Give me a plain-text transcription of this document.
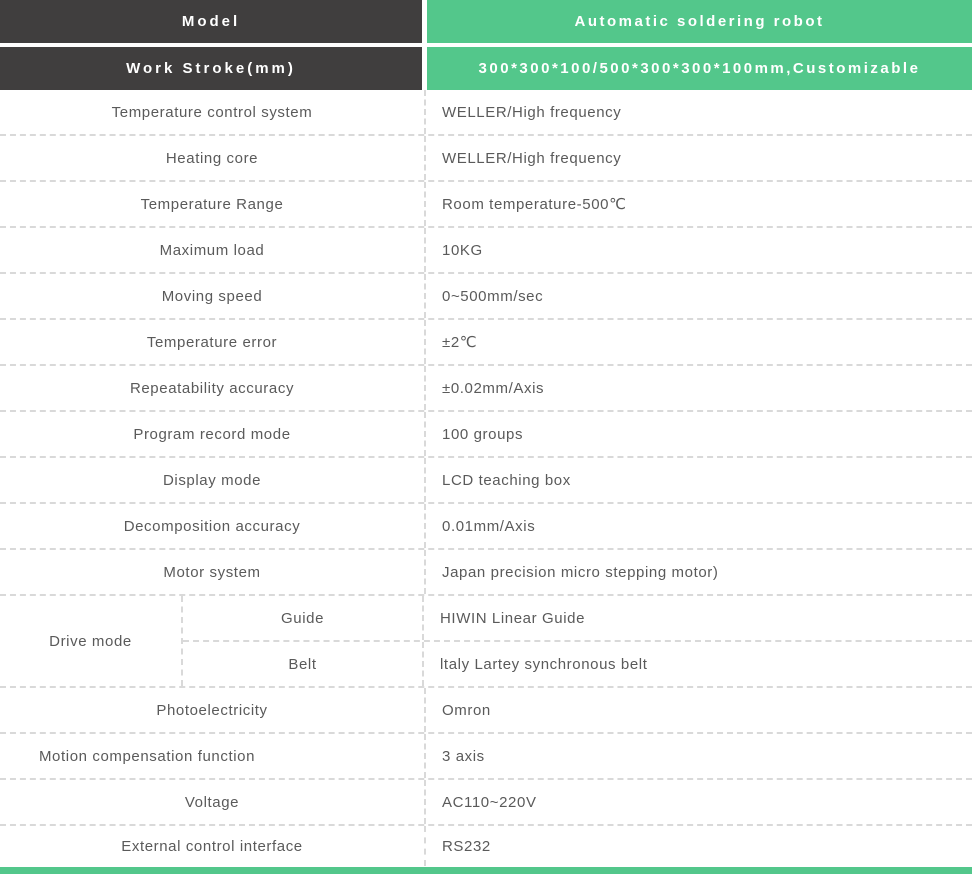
Model	Automatic soldering robot
Work Stroke(mm)	300*300*100/500*300*300*100mm,Customizable
Temperature control system	WELLER/High frequency
Heating core	WELLER/High frequency
Temperature Range	Room temperature-500℃
Maximum load	10KG
Moving speed	0~500mm/sec
Temperature error	±2℃
Repeatability accuracy	±0.02mm/Axis
Program record mode	100 groups
Display mode	LCD teaching box
Decomposition accuracy	0.01mm/Axis
Motor system	Japan precision micro stepping motor)
Drive mode
Guide	HIWIN Linear Guide
Belt	ltaly Lartey synchronous belt
Photoelectricity	Omron
Motion compensation function	3 axis
Voltage	AC110~220V
External control interface	RS232
